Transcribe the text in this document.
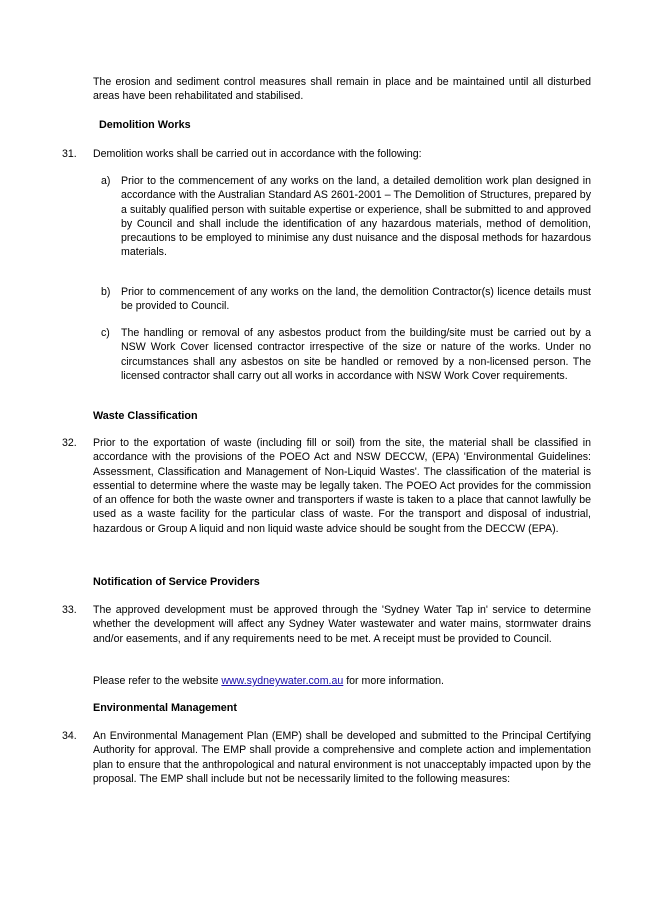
The erosion and sediment control measures shall remain in place and be maintained until all disturbed areas have been rehabilitated and stabilised.

Demolition Works

31. Demolition works shall be carried out in accordance with the following:

a) Prior to the commencement of any works on the land, a detailed demolition work plan designed in accordance with the Australian Standard AS 2601-2001 – The Demolition of Structures, prepared by a suitably qualified person with suitable expertise or experience, shall be submitted to and approved by Council and shall include the identification of any hazardous materials, method of demolition, precautions to be employed to minimise any dust nuisance and the disposal methods for hazardous materials.

b) Prior to commencement of any works on the land, the demolition Contractor(s) licence details must be provided to Council.

c) The handling or removal of any asbestos product from the building/site must be carried out by a NSW Work Cover licensed contractor irrespective of the size or nature of the works. Under no circumstances shall any asbestos on site be handled or removed by a non-licensed person. The licensed contractor shall carry out all works in accordance with NSW Work Cover requirements.

Waste Classification

32. Prior to the exportation of waste (including fill or soil) from the site, the material shall be classified in accordance with the provisions of the POEO Act and NSW DECCW, (EPA) 'Environmental Guidelines: Assessment, Classification and Management of Non-Liquid Wastes'. The classification of the material is essential to determine where the waste may be legally taken. The POEO Act provides for the commission of an offence for both the waste owner and transporters if waste is taken to a place that cannot lawfully be used as a waste facility for the particular class of waste. For the transport and disposal of industrial, hazardous or Group A liquid and non liquid waste advice should be sought from the DECCW (EPA).

Notification of Service Providers

33. The approved development must be approved through the 'Sydney Water Tap in' service to determine whether the development will affect any Sydney Water wastewater and water mains, stormwater drains and/or easements, and if any requirements need to be met. A receipt must be provided to Council.

Please refer to the website www.sydneywater.com.au for more information.

Environmental Management

34. An Environmental Management Plan (EMP) shall be developed and submitted to the Principal Certifying Authority for approval. The EMP shall provide a comprehensive and complete action and implementation plan to ensure that the anthropological and natural environment is not unacceptably impacted upon by the proposal. The EMP shall include but not be necessarily limited to the following measures:
